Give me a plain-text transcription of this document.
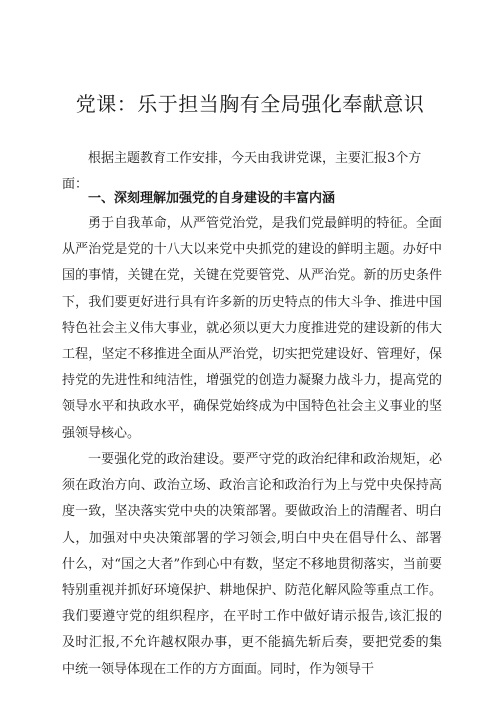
党课：乐于担当胸有全局强化奉献意识

根据主题教育工作安排，今天由我讲党课，主要汇报3个方面：

一、深刻理解加强党的自身建设的丰富内涵

勇于自我革命，从严管党治党，是我们党最鲜明的特征。全面从严治党是党的十八大以来党中央抓党的建设的鲜明主题。办好中国的事情，关键在党，关键在党要管党、从严治党。新的历史条件下，我们要更好进行具有许多新的历史特点的伟大斗争、推进中国特色社会主义伟大事业，就必须以更大力度推进党的建设新的伟大工程，坚定不移推进全面从严治党，切实把党建设好、管理好，保持党的先进性和纯洁性，增强党的创造力凝聚力战斗力，提高党的领导水平和执政水平，确保党始终成为中国特色社会主义事业的坚强领导核心。

一要强化党的政治建设。要严守党的政治纪律和政治规矩，必须在政治方向、政治立场、政治言论和政治行为上与党中央保持高度一致，坚决落实党中央的决策部署。要做政治上的清醒者、明白人，加强对中央决策部署的学习领会,明白中央在倡导什么、部署什么，对“国之大者”作到心中有数，坚定不移地贯彻落实，当前要特别重视并抓好环境保护、耕地保护、防范化解风险等重点工作。我们要遵守党的组织程序，在平时工作中做好请示报告,该汇报的及时汇报,不允许越权限办事，更不能搞先斩后奏，要把党委的集中统一领导体现在工作的方方面面。同时，作为领导干
